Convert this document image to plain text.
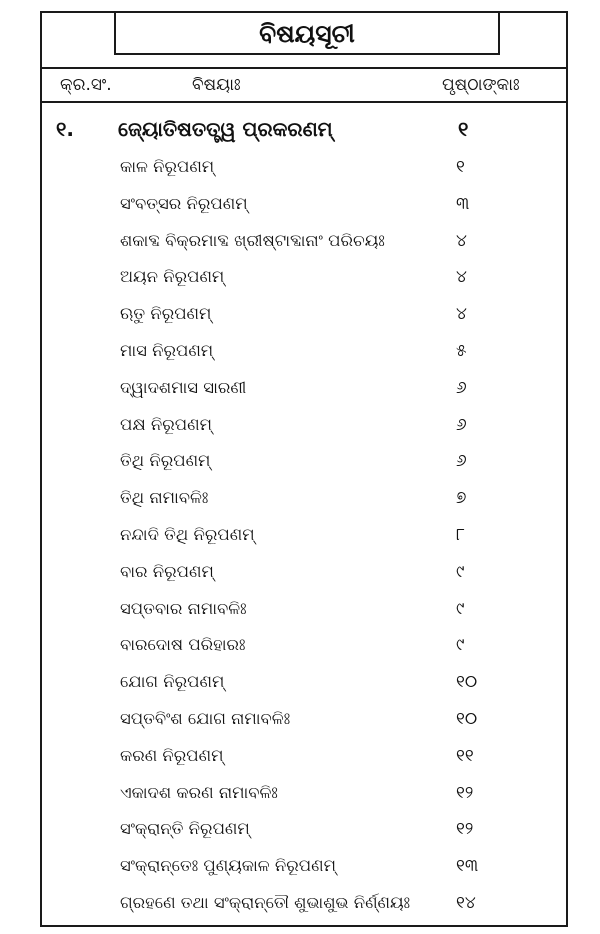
ବିଷୟସୂଚୀ
କ୍ର.ସଂ.	ବିଷୟାଃ	ପୃଷ୍ଠାଙ୍କାଃ
୧. ଜ୍ୟୋତିଷତତ୍ତ୍ୱ ପ୍ରକରଣମ୍	୧
କାଳ ନିରୂପଣମ୍	୧
ସଂବତ୍ସର ନିରୂପଣମ୍	୩
ଶକାବ୍ଦ ବିକ୍ରମାବ୍ଦ ଖ୍ରୀଷ୍ଟାବ୍ଦାନାଂ ପରିଚୟଃ	୪
ଅୟନ ନିରୂପଣମ୍	୪
ଋତୁ ନିରୂପଣମ୍	୪
ମାସ ନିରୂପଣମ୍	୫
ଦ୍ୱାଦଶମାସ ସାରଣୀ	୬
ପକ୍ଷ ନିରୂପଣମ୍	୬
ତିଥି ନିରୂପଣମ୍	୬
ତିଥି ନାମାବଳିଃ	୭
ନନ୍ଦାଦି ତିଥି ନିରୂପଣମ୍	୮
ବାର ନିରୂପଣମ୍	୯
ସପ୍ତବାର ନାମାବଳିଃ	୯
ବାରଦୋଷ ପରିହାରଃ	୯
ଯୋଗ ନିରୂପଣମ୍	୧୦
ସପ୍ତବିଂଶ ଯୋଗ ନାମାବଳିଃ	୧୦
କରଣ ନିରୂପଣମ୍	୧୧
ଏକାଦଶ କରଣ ନାମାବଳିଃ	୧୨
ସଂକ୍ରାନ୍ତି ନିରୂପଣମ୍	୧୨
ସଂକ୍ରାନ୍ତେଃ ପୁଣ୍ୟକାଳ ନିରୂପଣମ୍	୧୩
ଗ୍ରହଣେ ତଥା ସଂକ୍ରାନ୍ତୌ ଶୁଭାଶୁଭ ନିର୍ଣ୍ଣୟଃ	୧୪
